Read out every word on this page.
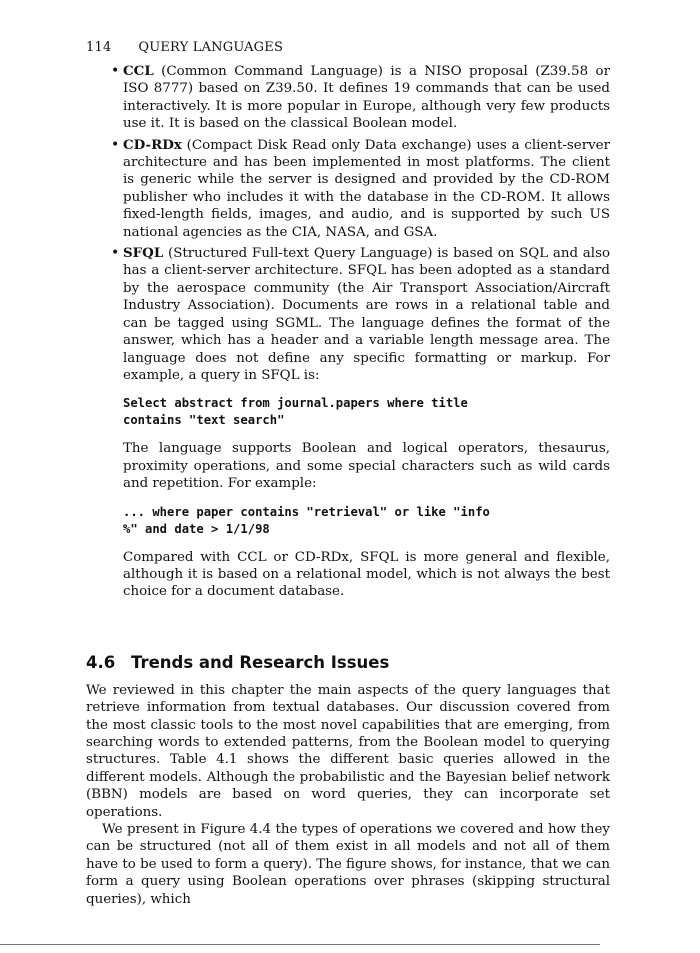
114 QUERY LANGUAGES
• CCL (Common Command Language) is a NISO proposal (Z39.58 or ISO 8777) based on Z39.50. It defines 19 commands that can be used interactively. It is more popular in Europe, although very few products use it. It is based on the classical Boolean model.
• CD-RDx (Compact Disk Read only Data exchange) uses a client-server architecture and has been implemented in most platforms. The client is generic while the server is designed and provided by the CD-ROM publisher who includes it with the database in the CD-ROM. It allows fixed-length fields, images, and audio, and is supported by such US national agencies as the CIA, NASA, and GSA.
• SFQL (Structured Full-text Query Language) is based on SQL and also has a client-server architecture. SFQL has been adopted as a standard by the aerospace community (the Air Transport Association/Aircraft Industry Association). Documents are rows in a relational table and can be tagged using SGML. The language defines the format of the answer, which has a header and a variable length message area. The language does not define any specific formatting or markup. For example, a query in SFQL is:
Select abstract from journal.papers where title
contains "text search"
The language supports Boolean and logical operators, thesaurus, proximity operations, and some special characters such as wild cards and repetition. For example:
... where paper contains "retrieval" or like "info
%" and date > 1/1/98
Compared with CCL or CD-RDx, SFQL is more general and flexible, although it is based on a relational model, which is not always the best choice for a document database.
4.6 Trends and Research Issues

We reviewed in this chapter the main aspects of the query languages that retrieve information from textual databases. Our discussion covered from the most classic tools to the most novel capabilities that are emerging, from searching words to extended patterns, from the Boolean model to querying structures. Table 4.1 shows the different basic queries allowed in the different models. Although the probabilistic and the Bayesian belief network (BBN) models are based on word queries, they can incorporate set operations.

We present in Figure 4.4 the types of operations we covered and how they can be structured (not all of them exist in all models and not all of them have to be used to form a query). The figure shows, for instance, that we can form a query using Boolean operations over phrases (skipping structural queries), which
